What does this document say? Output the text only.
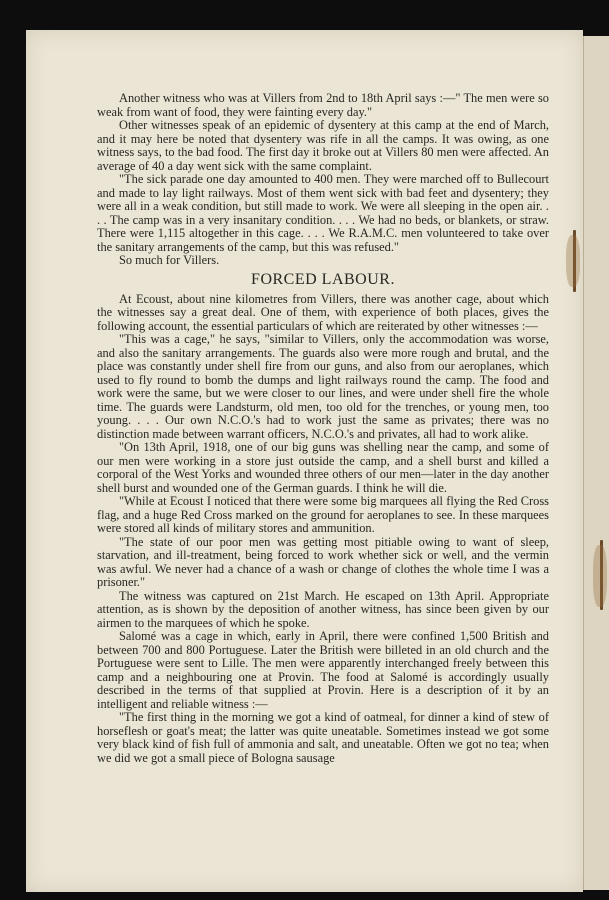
Another witness who was at Villers from 2nd to 18th April says :—" The men were so weak from want of food, they were fainting every day."

Other witnesses speak of an epidemic of dysentery at this camp at the end of March, and it may here be noted that dysentery was rife in all the camps. It was owing, as one witness says, to the bad food. The first day it broke out at Villers 80 men were affected. An average of 40 a day went sick with the same complaint.

"The sick parade one day amounted to 400 men. They were marched off to Bullecourt and made to lay light railways. Most of them went sick with bad feet and dysentery; they were all in a weak condition, but still made to work. We were all sleeping in the open air. . . . The camp was in a very insanitary condition. . . . We had no beds, or blankets, or straw. There were 1,115 altogether in this cage. . . . We R.A.M.C. men volunteered to take over the sanitary arrangements of the camp, but this was refused."

So much for Villers.

FORCED LABOUR.

At Ecoust, about nine kilometres from Villers, there was another cage, about which the witnesses say a great deal. One of them, with experience of both places, gives the following account, the essential particulars of which are reiterated by other witnesses :—

"This was a cage," he says, "similar to Villers, only the accommodation was worse, and also the sanitary arrangements. The guards also were more rough and brutal, and the place was constantly under shell fire from our guns, and also from our aeroplanes, which used to fly round to bomb the dumps and light railways round the camp. The food and work were the same, but we were closer to our lines, and were under shell fire the whole time. The guards were Landsturm, old men, too old for the trenches, or young men, too young. . . . Our own N.C.O.'s had to work just the same as privates; there was no distinction made between warrant officers, N.C.O.'s and privates, all had to work alike.

"On 13th April, 1918, one of our big guns was shelling near the camp, and some of our men were working in a store just outside the camp, and a shell burst and killed a corporal of the West Yorks and wounded three others of our men—later in the day another shell burst and wounded one of the German guards. I think he will die.

"While at Ecoust I noticed that there were some big marquees all flying the Red Cross flag, and a huge Red Cross marked on the ground for aeroplanes to see. In these marquees were stored all kinds of military stores and ammunition.

"The state of our poor men was getting most pitiable owing to want of sleep, starvation, and ill-treatment, being forced to work whether sick or well, and the vermin was awful. We never had a chance of a wash or change of clothes the whole time I was a prisoner."

The witness was captured on 21st March. He escaped on 13th April. Appropriate attention, as is shown by the deposition of another witness, has since been given by our airmen to the marquees of which he spoke.

Salomé was a cage in which, early in April, there were confined 1,500 British and between 700 and 800 Portuguese. Later the British were billeted in an old church and the Portuguese were sent to Lille. The men were apparently interchanged freely between this camp and a neighbouring one at Provin. The food at Salomé is accordingly usually described in the terms of that supplied at Provin. Here is a description of it by an intelligent and reliable witness :—

"The first thing in the morning we got a kind of oatmeal, for dinner a kind of stew of horseflesh or goat's meat; the latter was quite uneatable. Sometimes instead we got some very black kind of fish full of ammonia and salt, and uneatable. Often we got no tea; when we did we got a small piece of Bologna sausage
